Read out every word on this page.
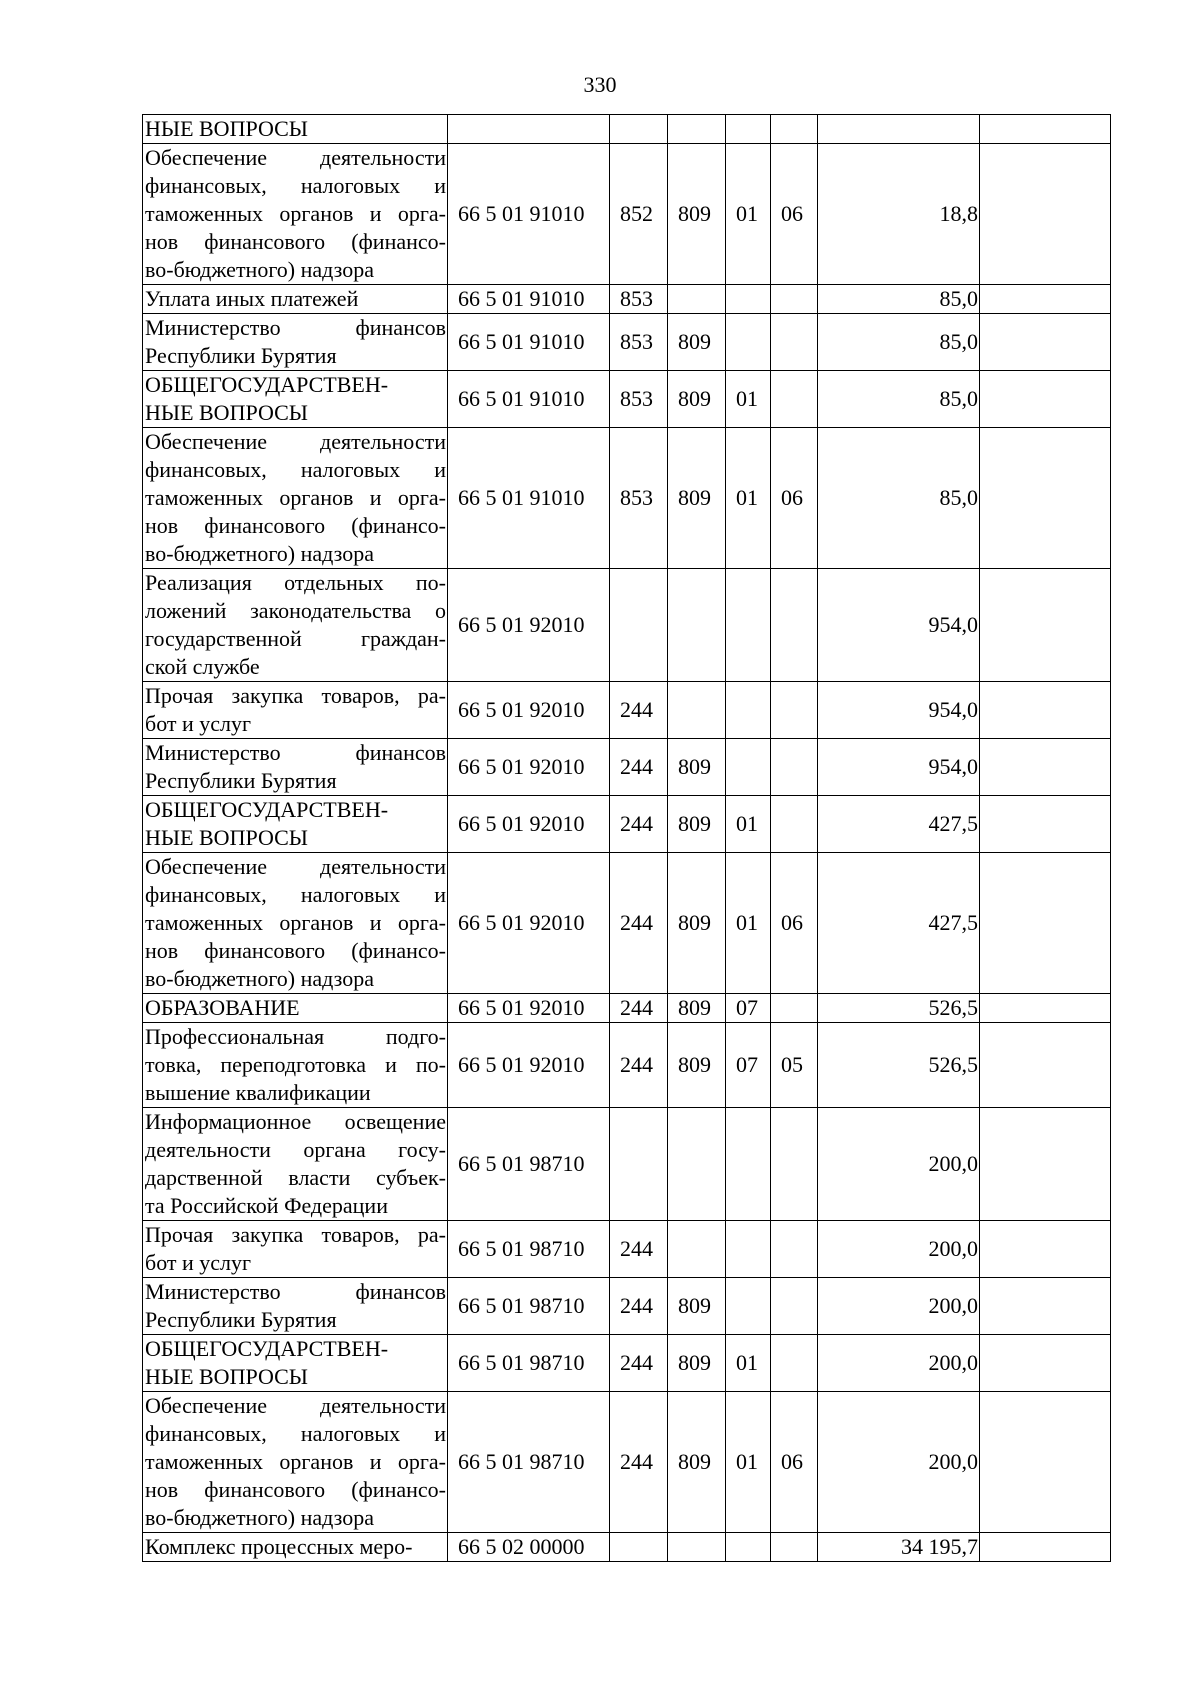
330
НЫЕ ВОПРОСЫ							

Обеспечение деятельности
финансовых, налоговых и
таможенных органов и орга-
нов финансового (финансо-
во-бюджетного) надзора	66 5 01 91010	852	809	01	06	18,8	

Уплата иных платежей	66 5 01 91010	853				85,0	

Министерство финансов
Республики Бурятия	66 5 01 91010	853	809			85,0	

ОБЩЕГОСУДАРСТВЕН-
НЫЕ ВОПРОСЫ	66 5 01 91010	853	809	01		85,0	

Обеспечение деятельности
финансовых, налоговых и
таможенных органов и орга-
нов финансового (финансо-
во-бюджетного) надзора	66 5 01 91010	853	809	01	06	85,0	

Реализация отдельных по-
ложений законодательства о
государственной граждан-
ской службе	66 5 01 92010					954,0	

Прочая закупка товаров, ра-
бот и услуг	66 5 01 92010	244				954,0	

Министерство финансов
Республики Бурятия	66 5 01 92010	244	809			954,0	

ОБЩЕГОСУДАРСТВЕН-
НЫЕ ВОПРОСЫ	66 5 01 92010	244	809	01		427,5	

Обеспечение деятельности
финансовых, налоговых и
таможенных органов и орга-
нов финансового (финансо-
во-бюджетного) надзора	66 5 01 92010	244	809	01	06	427,5	

ОБРАЗОВАНИЕ	66 5 01 92010	244	809	07		526,5	

Профессиональная подго-
товка, переподготовка и по-
вышение квалификации	66 5 01 92010	244	809	07	05	526,5	

Информационное освещение
деятельности органа госу-
дарственной власти субъек-
та Российской Федерации	66 5 01 98710					200,0	

Прочая закупка товаров, ра-
бот и услуг	66 5 01 98710	244				200,0	

Министерство финансов
Республики Бурятия	66 5 01 98710	244	809			200,0	

ОБЩЕГОСУДАРСТВЕН-
НЫЕ ВОПРОСЫ	66 5 01 98710	244	809	01		200,0	

Обеспечение деятельности
финансовых, налоговых и
таможенных органов и орга-
нов финансового (финансо-
во-бюджетного) надзора	66 5 01 98710	244	809	01	06	200,0	

Комплекс процессных меро-	66 5 02 00000					34 195,7	
